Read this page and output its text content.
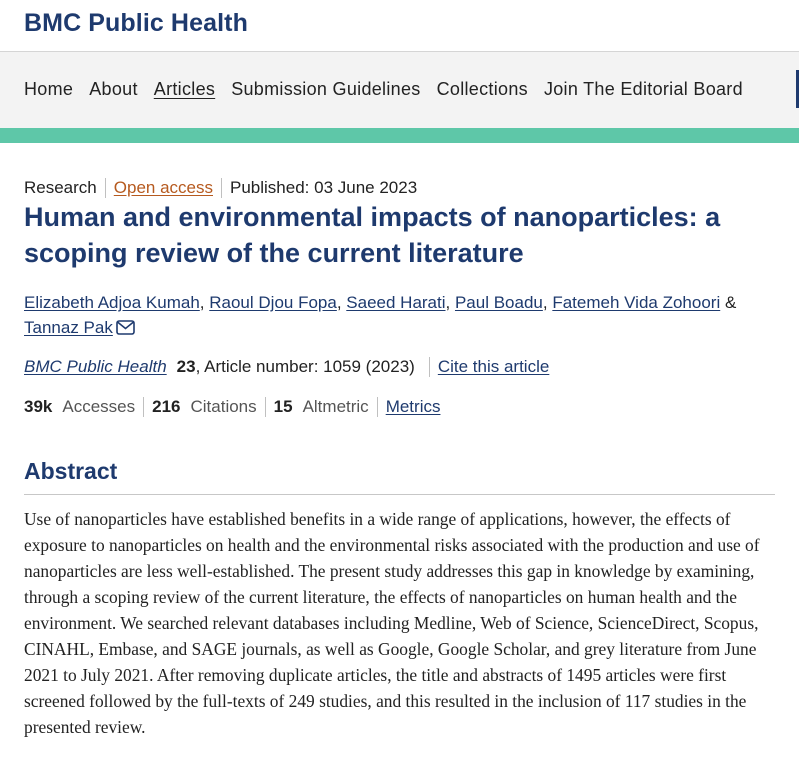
BMC Public Health
Home About Articles Submission Guidelines Collections Join The Editorial Board
Research Open access Published: 03 June 2023
Human and environmental impacts of nanoparticles: a scoping review of the current literature
Elizabeth Adjoa Kumah, Raoul Djou Fopa, Saeed Harati, Paul Boadu, Fatemeh Vida Zohoori & Tannaz Pak
BMC Public Health 23 , Article number: 1059 (2023) Cite this article
39k Accesses 216 Citations 15 Altmetric Metrics
Abstract

Use of nanoparticles have established benefits in a wide range of applications, however, the effects of exposure to nanoparticles on health and the environmental risks associated with the production and use of nanoparticles are less well-established. The present study addresses this gap in knowledge by examining, through a scoping review of the current literature, the effects of nanoparticles on human health and the environment. We searched relevant databases including Medline, Web of Science, ScienceDirect, Scopus, CINAHL, Embase, and SAGE journals, as well as Google, Google Scholar, and grey literature from June 2021 to July 2021. After removing duplicate articles, the title and abstracts of 1495 articles were first screened followed by the full-texts of 249 studies, and this resulted in the inclusion of 117 studies in the presented review.
